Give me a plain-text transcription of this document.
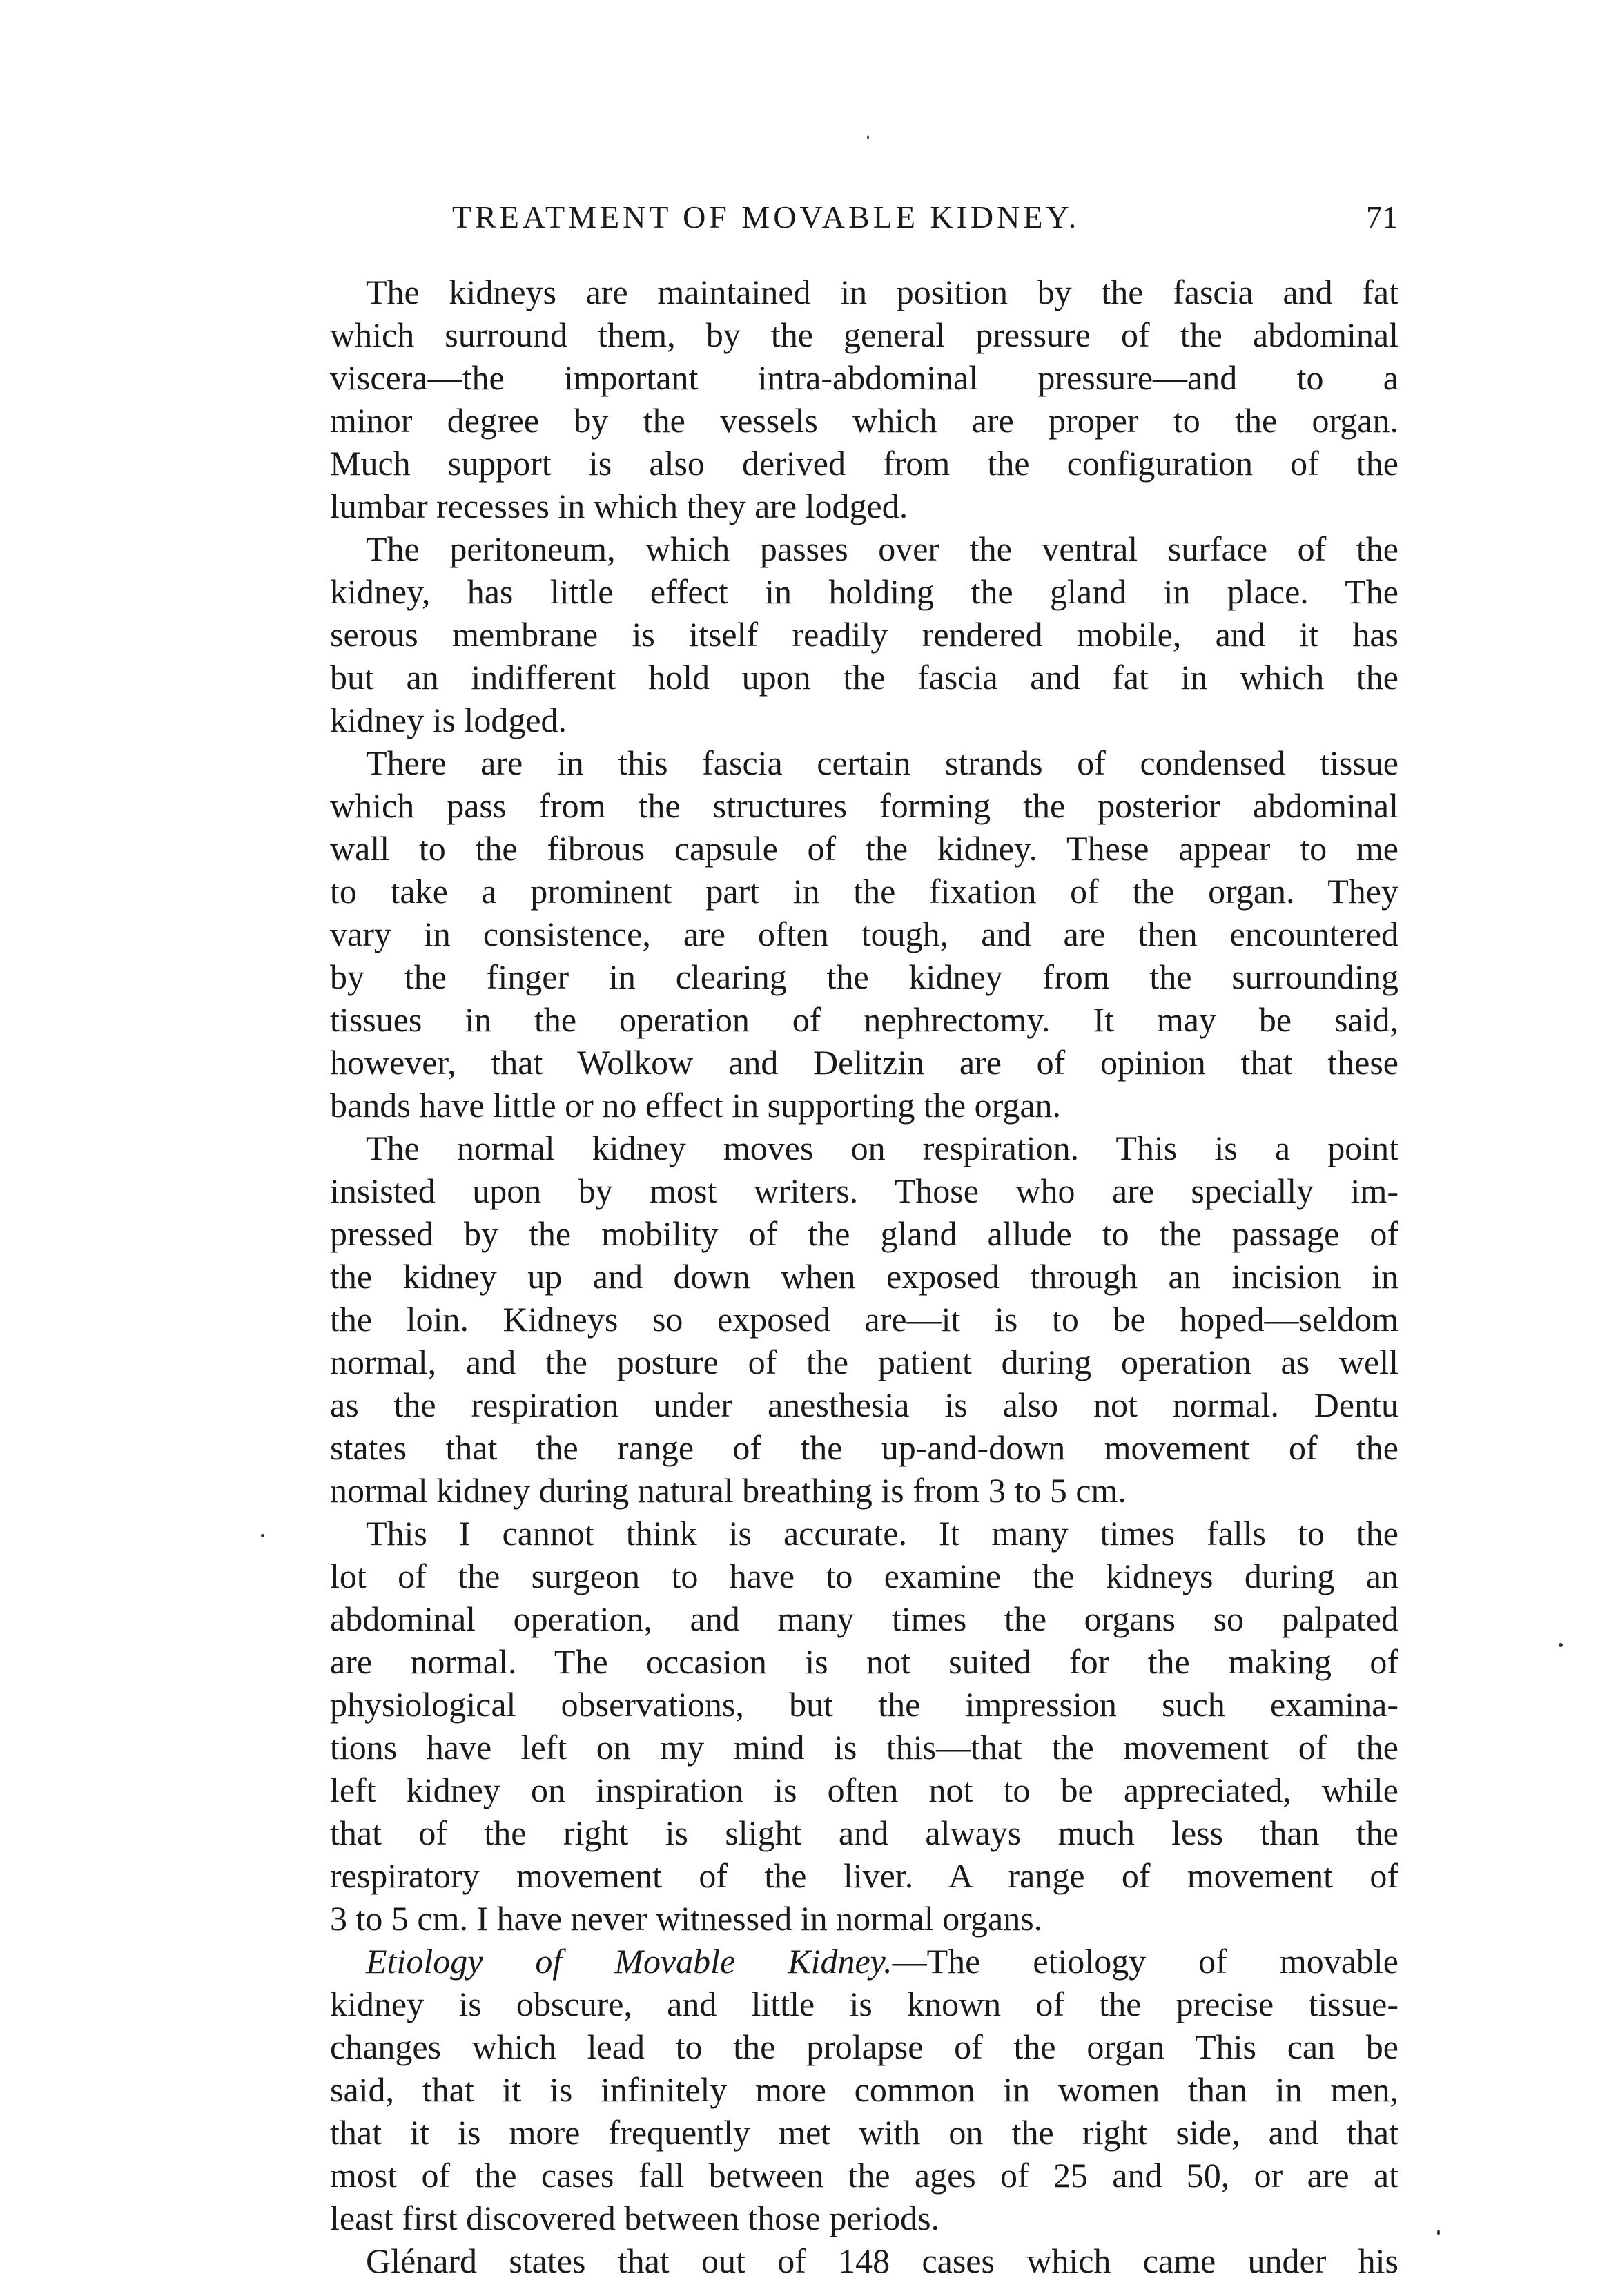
TREATMENT OF MOVABLE KIDNEY.	71

The kidneys are maintained in position by the fascia and fat
which surround them, by the general pressure of the abdominal
viscera—the important intra-abdominal pressure—and to a
minor degree by the vessels which are proper to the organ.
Much support is also derived from the configuration of the
lumbar recesses in which they are lodged.

The peritoneum, which passes over the ventral surface of the
kidney, has little effect in holding the gland in place. The
serous membrane is itself readily rendered mobile, and it has
but an indifferent hold upon the fascia and fat in which the
kidney is lodged.

There are in this fascia certain strands of condensed tissue
which pass from the structures forming the posterior abdominal
wall to the fibrous capsule of the kidney. These appear to me
to take a prominent part in the fixation of the organ. They
vary in consistence, are often tough, and are then encountered
by the finger in clearing the kidney from the surrounding
tissues in the operation of nephrectomy. It may be said,
however, that Wolkow and Delitzin are of opinion that these
bands have little or no effect in supporting the organ.

The normal kidney moves on respiration. This is a point
insisted upon by most writers. Those who are specially im-
pressed by the mobility of the gland allude to the passage of
the kidney up and down when exposed through an incision in
the loin. Kidneys so exposed are—it is to be hoped—seldom
normal, and the posture of the patient during operation as well
as the respiration under anesthesia is also not normal. Dentu
states that the range of the up-and-down movement of the
normal kidney during natural breathing is from 3 to 5 cm.

This I cannot think is accurate. It many times falls to the
lot of the surgeon to have to examine the kidneys during an
abdominal operation, and many times the organs so palpated
are normal. The occasion is not suited for the making of
physiological observations, but the impression such examina-
tions have left on my mind is this—that the movement of the
left kidney on inspiration is often not to be appreciated, while
that of the right is slight and always much less than the
respiratory movement of the liver. A range of movement of
3 to 5 cm. I have never witnessed in normal organs.

Etiology of Movable Kidney.—The etiology of movable
kidney is obscure, and little is known of the precise tissue-
changes which lead to the prolapse of the organ This can be
said, that it is infinitely more common in women than in men,
that it is more frequently met with on the right side, and that
most of the cases fall between the ages of 25 and 50, or are at
least first discovered between those periods.

Glénard states that out of 148 cases which came under his
